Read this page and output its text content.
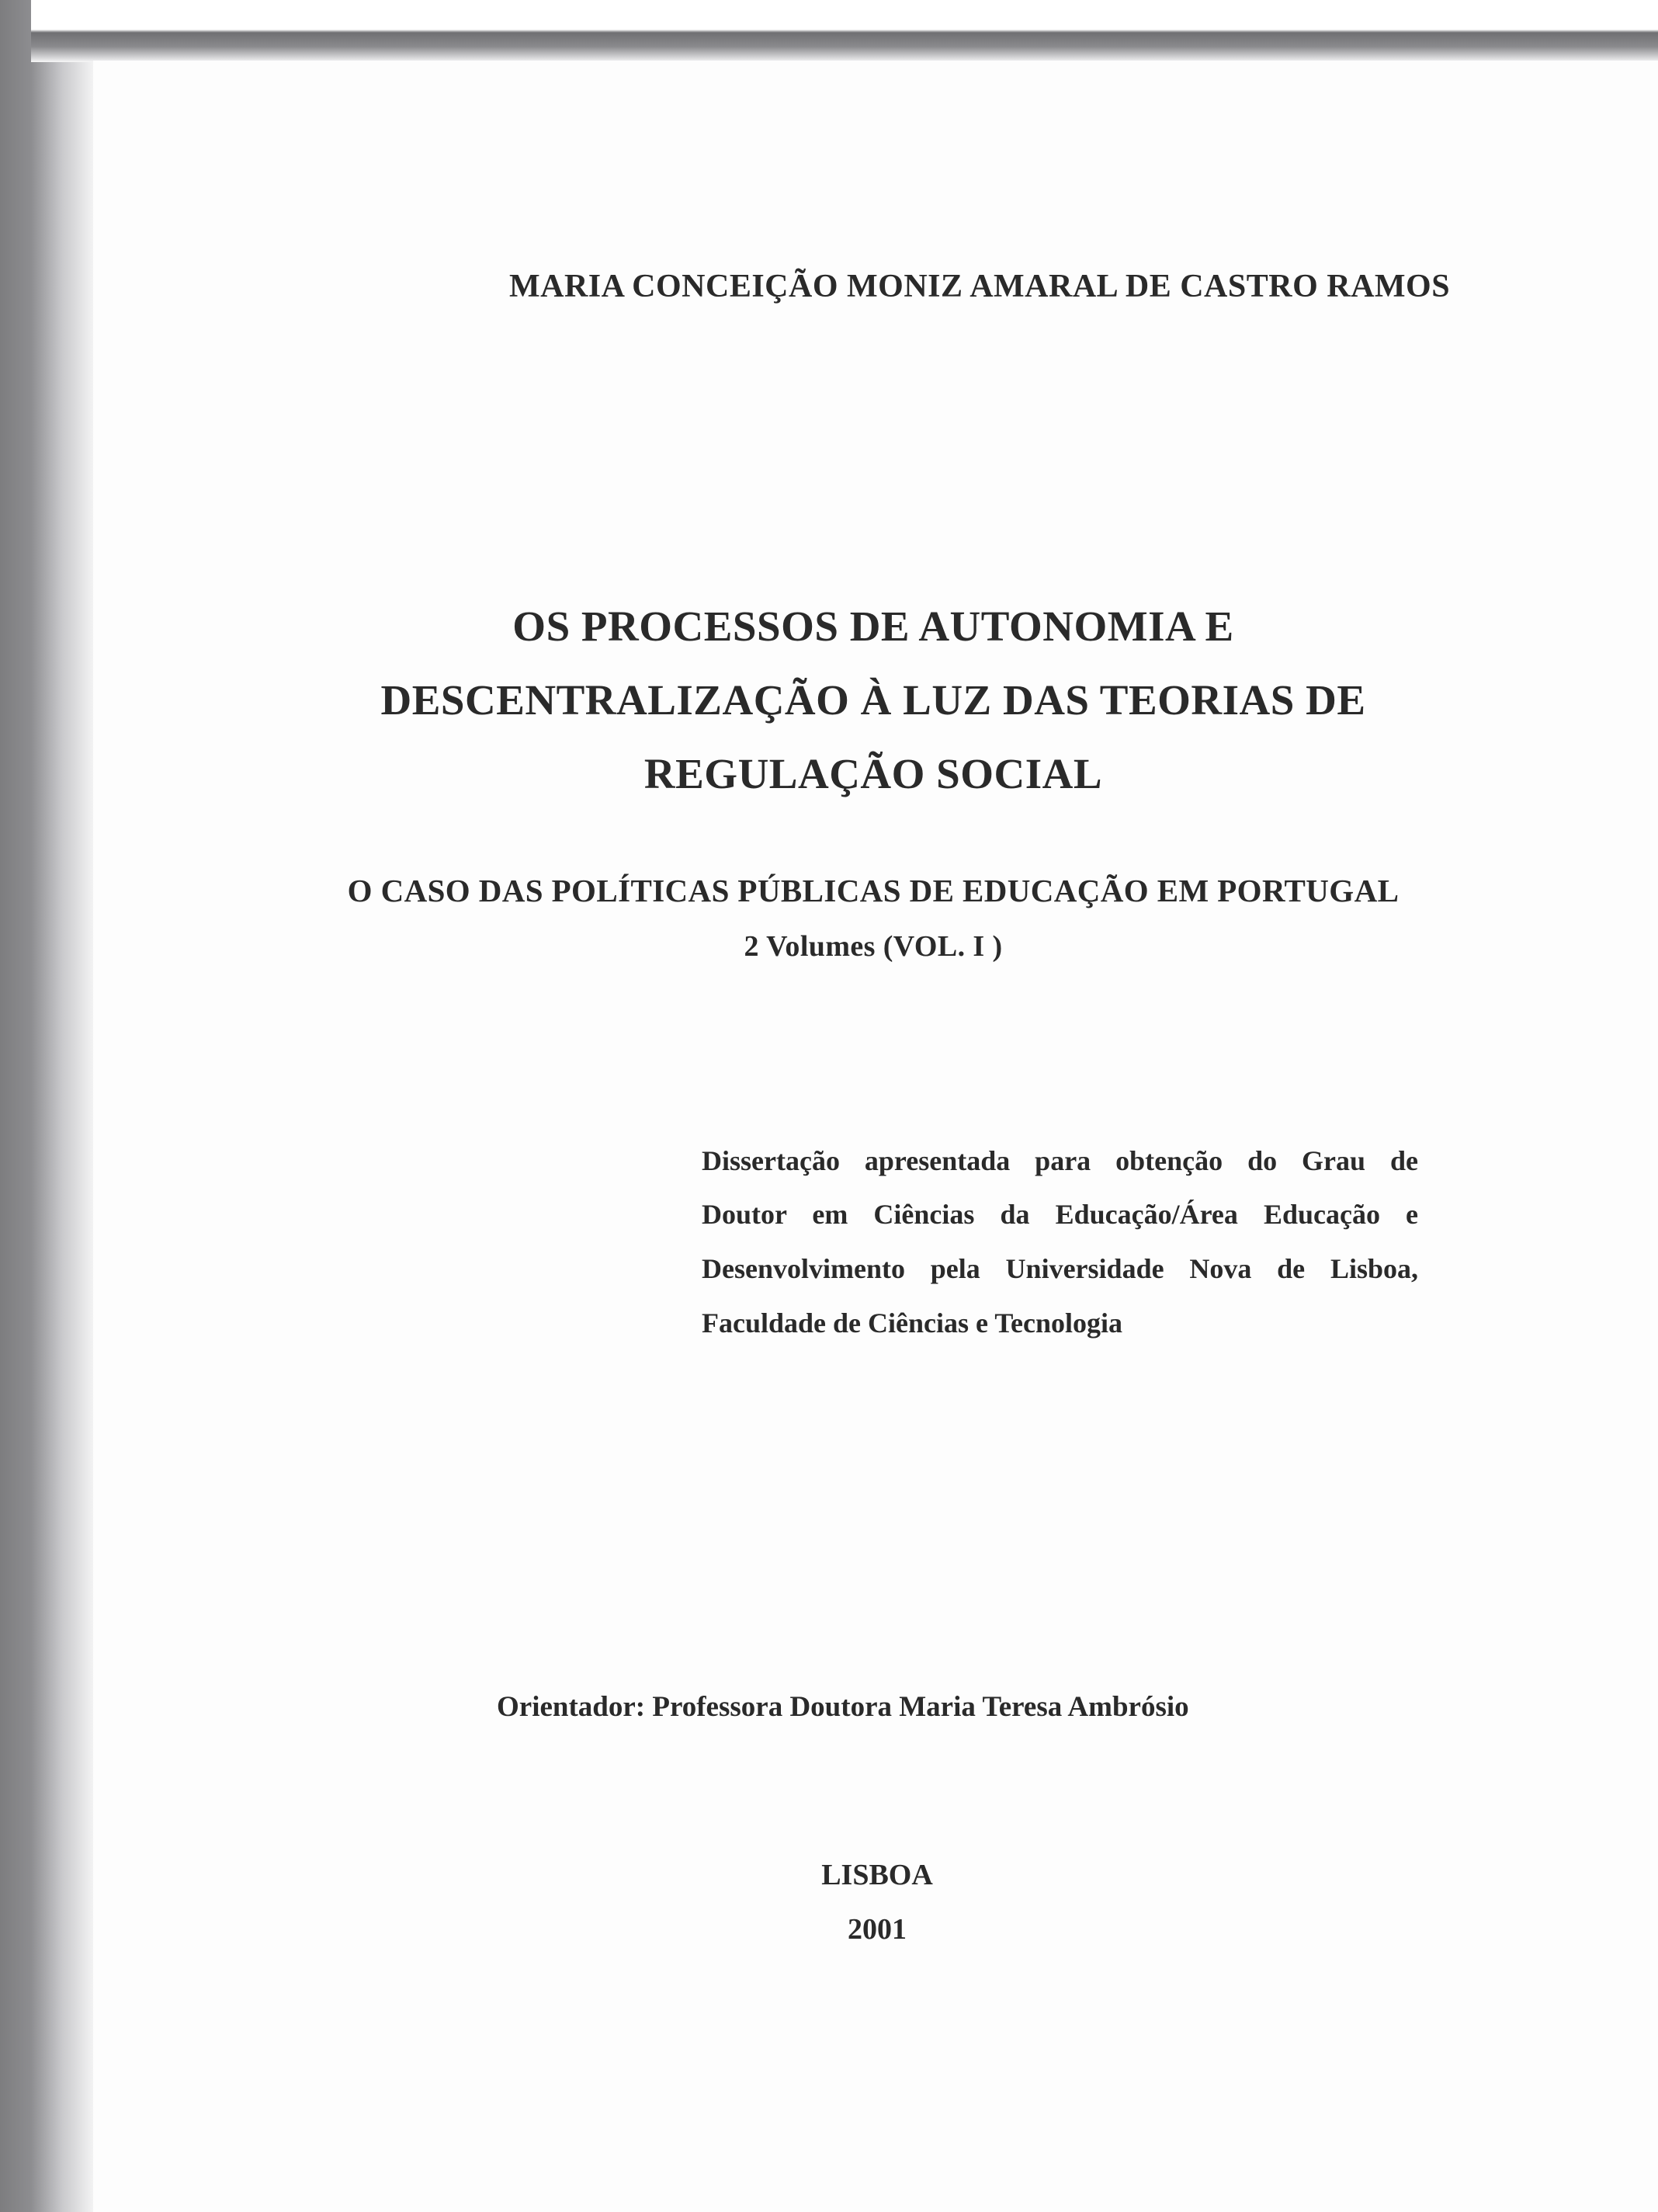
MARIA CONCEIÇÃO MONIZ AMARAL DE CASTRO RAMOS
OS PROCESSOS DE AUTONOMIA E
DESCENTRALIZAÇÃO À LUZ DAS TEORIAS DE
REGULAÇÃO SOCIAL
O CASO DAS POLÍTICAS PÚBLICAS DE EDUCAÇÃO EM PORTUGAL
2 Volumes (VOL. I )
Dissertação apresentada para obtenção do Grau de
Doutor em Ciências da Educação/Área Educação e
Desenvolvimento pela Universidade Nova de Lisboa,
Faculdade de Ciências e Tecnologia
Orientador: Professora Doutora Maria Teresa Ambrósio
LISBOA
2001
